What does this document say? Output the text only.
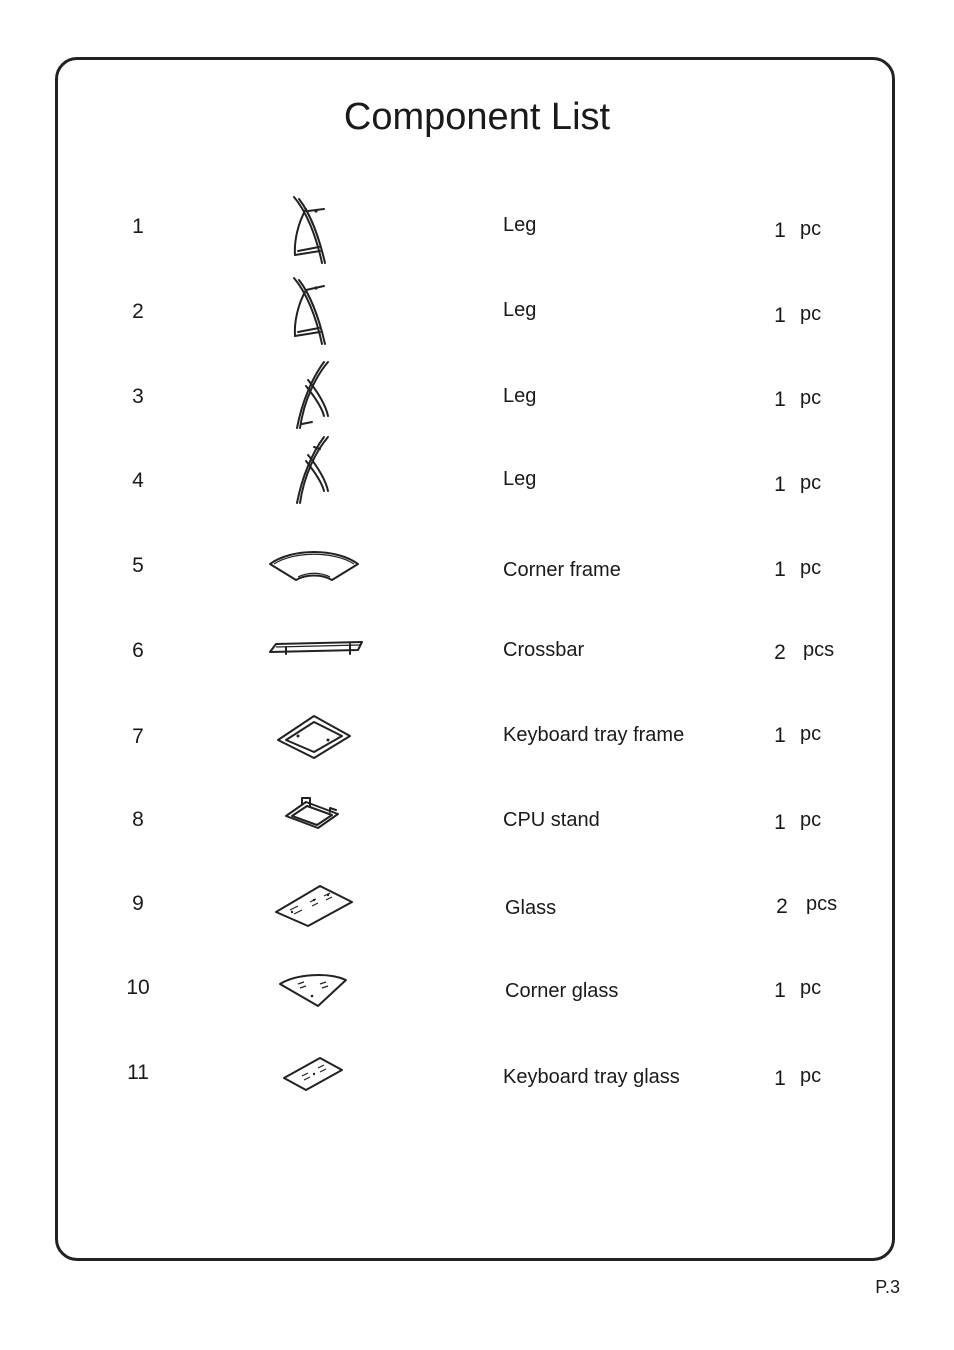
Component List
1	Leg	1 pc
2	Leg	1 pc
3	Leg	1 pc
4	Leg	1 pc
5	Corner frame	1 pc
6	Crossbar	2 pcs
7	Keyboard tray frame	1 pc
8	CPU stand	1 pc
9	Glass	2 pcs
10	Corner glass	1 pc
11	Keyboard tray glass	1 pc
P.3
